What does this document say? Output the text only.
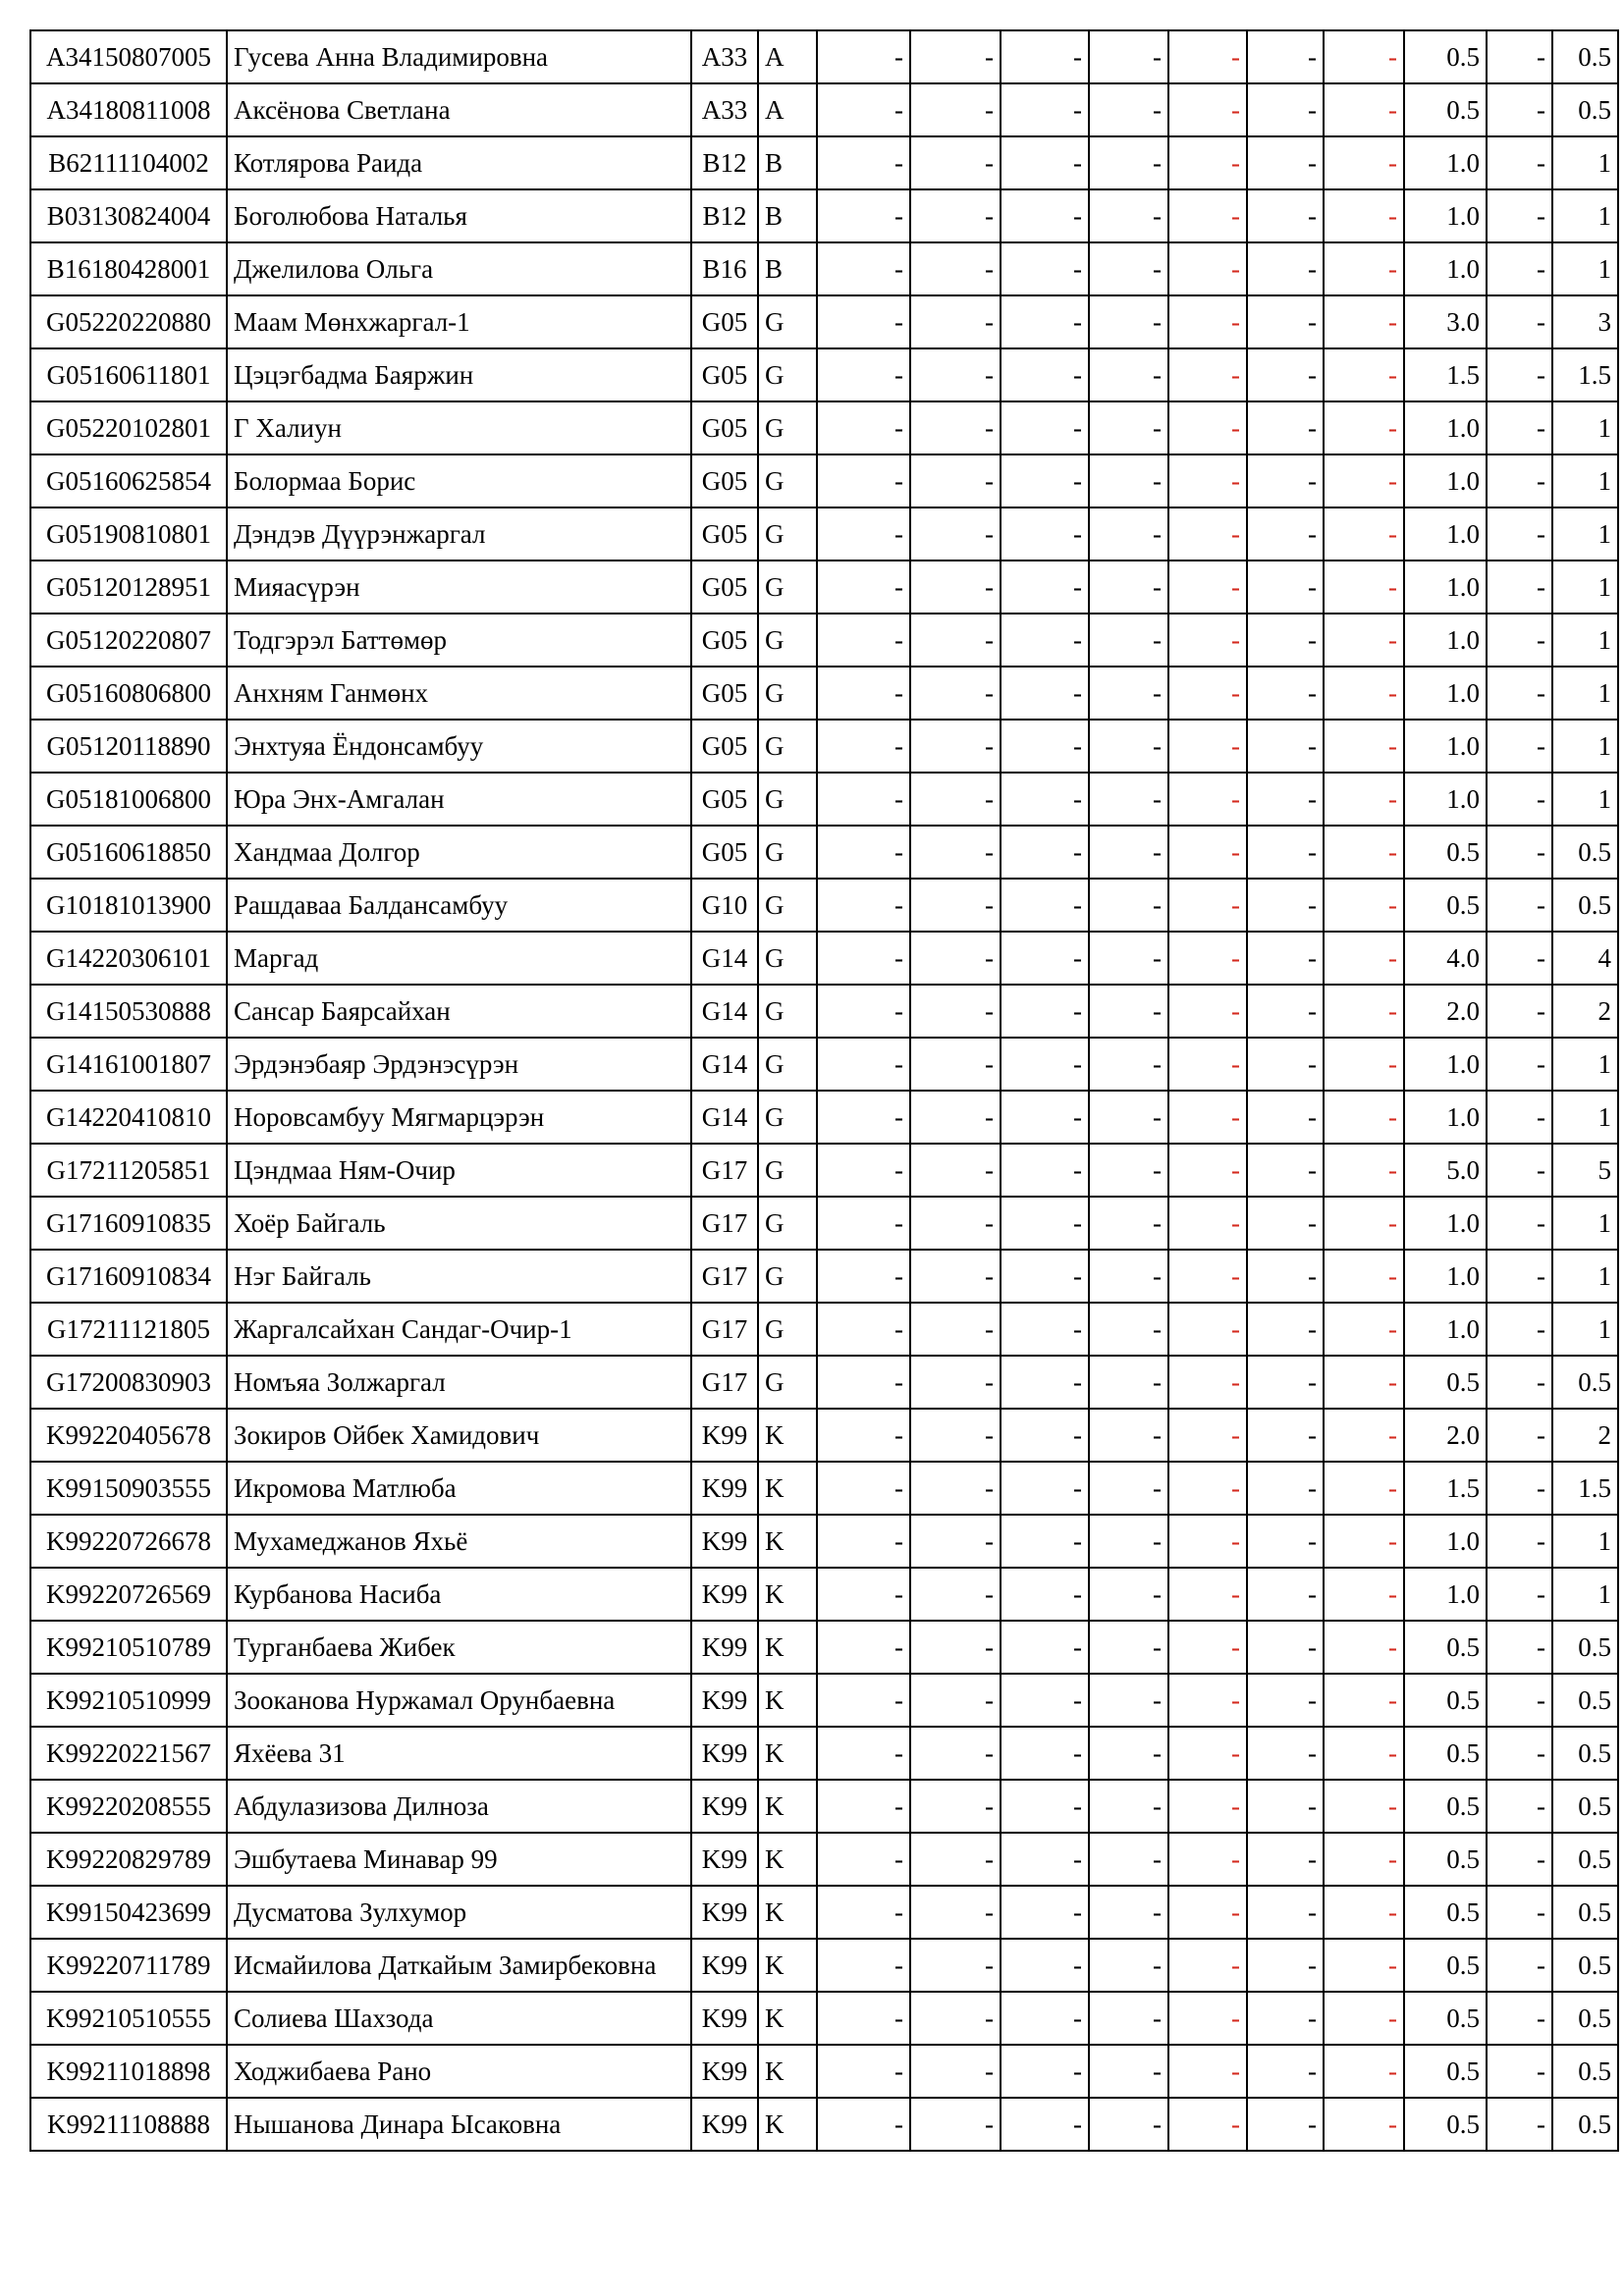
A34150807005	Гусева Анна Владимировна	A33	A	-	-	-	-	-	-	-	0.5	-	0.5
A34180811008	Аксёнова Светлана	A33	A	-	-	-	-	-	-	-	0.5	-	0.5
B62111104002	Котлярова Раида	B12	B	-	-	-	-	-	-	-	1.0	-	1
B03130824004	Боголюбова Наталья	B12	B	-	-	-	-	-	-	-	1.0	-	1
B16180428001	Джелилова Ольга	B16	B	-	-	-	-	-	-	-	1.0	-	1
G05220220880	Маам Мөнхжаргал-1	G05	G	-	-	-	-	-	-	-	3.0	-	3
G05160611801	Цэцэгбадма Баяржин	G05	G	-	-	-	-	-	-	-	1.5	-	1.5
G05220102801	Г Халиун	G05	G	-	-	-	-	-	-	-	1.0	-	1
G05160625854	Болормаа Борис	G05	G	-	-	-	-	-	-	-	1.0	-	1
G05190810801	Дэндэв Дүүрэнжаргал	G05	G	-	-	-	-	-	-	-	1.0	-	1
G05120128951	Мияасүрэн	G05	G	-	-	-	-	-	-	-	1.0	-	1
G05120220807	Тодгэрэл Баттөмөр	G05	G	-	-	-	-	-	-	-	1.0	-	1
G05160806800	Анхням Ганмөнх	G05	G	-	-	-	-	-	-	-	1.0	-	1
G05120118890	Энхтуяа Ёндонсамбуу	G05	G	-	-	-	-	-	-	-	1.0	-	1
G05181006800	Юра Энх-Амгалан	G05	G	-	-	-	-	-	-	-	1.0	-	1
G05160618850	Хандмаа Долгор	G05	G	-	-	-	-	-	-	-	0.5	-	0.5
G10181013900	Рашдаваа Балдансамбуу	G10	G	-	-	-	-	-	-	-	0.5	-	0.5
G14220306101	Маргад	G14	G	-	-	-	-	-	-	-	4.0	-	4
G14150530888	Сансар Баярсайхан	G14	G	-	-	-	-	-	-	-	2.0	-	2
G14161001807	Эрдэнэбаяр Эрдэнэсүрэн	G14	G	-	-	-	-	-	-	-	1.0	-	1
G14220410810	Норовсамбуу Мягмарцэрэн	G14	G	-	-	-	-	-	-	-	1.0	-	1
G17211205851	Цэндмаа Ням-Очир	G17	G	-	-	-	-	-	-	-	5.0	-	5
G17160910835	Хоёр Байгаль	G17	G	-	-	-	-	-	-	-	1.0	-	1
G17160910834	Нэг Байгаль	G17	G	-	-	-	-	-	-	-	1.0	-	1
G17211121805	Жаргалсайхан Сандаг-Очир-1	G17	G	-	-	-	-	-	-	-	1.0	-	1
G17200830903	Номъяа Золжаргал	G17	G	-	-	-	-	-	-	-	0.5	-	0.5
K99220405678	Зокиров Ойбек Хамидович	K99	K	-	-	-	-	-	-	-	2.0	-	2
K99150903555	Икромова Матлюба	K99	K	-	-	-	-	-	-	-	1.5	-	1.5
K99220726678	Мухамеджанов Яхьё	K99	K	-	-	-	-	-	-	-	1.0	-	1
K99220726569	Курбанова Насиба	K99	K	-	-	-	-	-	-	-	1.0	-	1
K99210510789	Турганбаева Жибек	K99	K	-	-	-	-	-	-	-	0.5	-	0.5
K99210510999	Зооканова Нуржамал Орунбаевна	K99	K	-	-	-	-	-	-	-	0.5	-	0.5
K99220221567	Яхёева 31	K99	K	-	-	-	-	-	-	-	0.5	-	0.5
K99220208555	Абдулазизова Дилноза	K99	K	-	-	-	-	-	-	-	0.5	-	0.5
K99220829789	Эшбутаева Минавар 99	K99	K	-	-	-	-	-	-	-	0.5	-	0.5
K99150423699	Дусматова Зулхумор	K99	K	-	-	-	-	-	-	-	0.5	-	0.5
K99220711789	Исмайилова Даткайым Замирбековна	K99	K	-	-	-	-	-	-	-	0.5	-	0.5
K99210510555	Солиева Шахзода	K99	K	-	-	-	-	-	-	-	0.5	-	0.5
K99211018898	Ходжибаева Рано	K99	K	-	-	-	-	-	-	-	0.5	-	0.5
K99211108888	Нышанова Динара Ысаковна	K99	K	-	-	-	-	-	-	-	0.5	-	0.5
